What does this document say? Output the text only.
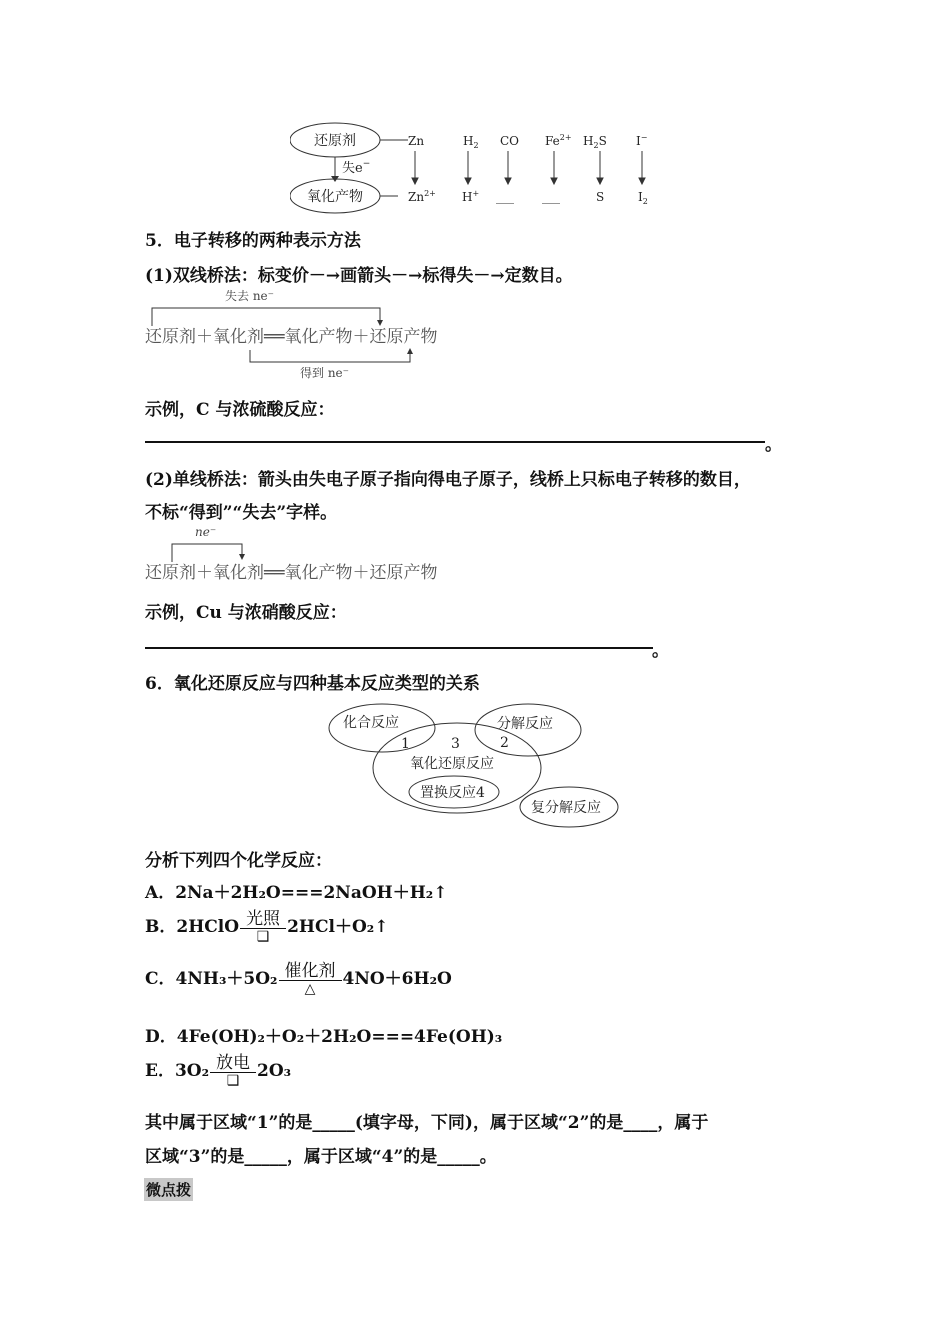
还原剂
失e−
氧化产物
Zn	$H_2$ CO $Fe^{2+}$ $H_2S$ I−
$Zn^{2+}$ H+ ___ ___	S	$I_2$
5．电子转移的两种表示方法
(1)双线桥法：标变价－→画箭头－→标得失－→定数目。
失去 ne⁻
还原剂＋氧化剂══氧化产物＋还原产物
得到 ne⁻
示例，C 与浓硫酸反应：
。
(2)单线桥法：箭头由失电子原子指向得电子原子，线桥上只标电子转移的数目，
不标“得到”“失去”字样。
ne⁻
还原剂＋氧化剂══氧化产物＋还原产物
示例，Cu 与浓硝酸反应：
。
6．氧化还原反应与四种基本反应类型的关系
化合反应	分解反应
1	3	2
氧化还原反应
置换反应4
复分解反应
分析下列四个化学反应：
A．2Na＋2H₂O===2NaOH＋H₂↑
B．2HClO $\frac{\text{光照}}{❑}$ 2HCl＋O₂↑
C．$4NH_3+5O_2 \frac{\text{催化剂}}{\triangle} 4NO+6H_2O$
D．4Fe(OH)₂＋O₂＋2H₂O===4Fe(OH)₃
E．$3O_2 \frac{\text{放电}}{❑} 2O_3$
其中属于区域“1”的是_____(填字母，下同)，属于区域“2”的是____，属于
区域“3”的是_____，属于区域“4”的是_____。
微点拨
